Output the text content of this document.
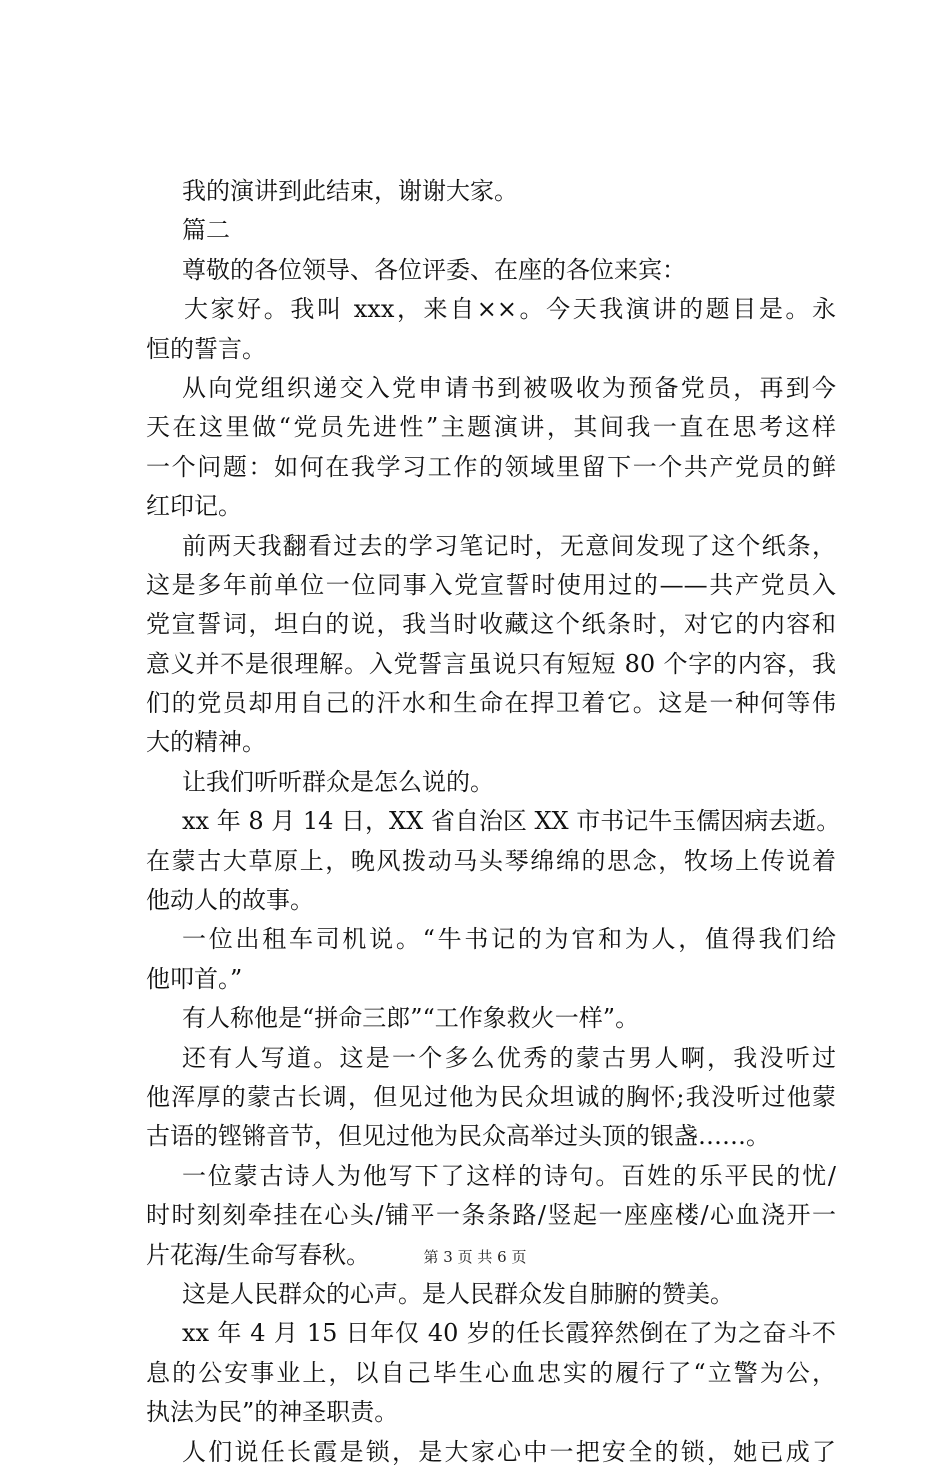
我的演讲到此结束，谢谢大家。
篇二
尊敬的各位领导、各位评委、在座的各位来宾：
大家好。我叫 xxx，来自××。今天我演讲的题目是。永
恒的誓言。
从向党组织递交入党申请书到被吸收为预备党员，再到今
天在这里做“党员先进性”主题演讲，其间我一直在思考这样
一个问题：如何在我学习工作的领域里留下一个共产党员的鲜
红印记。
前两天我翻看过去的学习笔记时，无意间发现了这个纸条，
这是多年前单位一位同事入党宣誓时使用过的——共产党员入
党宣誓词，坦白的说，我当时收藏这个纸条时，对它的内容和
意义并不是很理解。入党誓言虽说只有短短 80 个字的内容，我
们的党员却用自己的汗水和生命在捍卫着它。这是一种何等伟
大的精神。
让我们听听群众是怎么说的。
xx 年 8 月 14 日，XX 省自治区 XX 市书记牛玉儒因病去逝。
在蒙古大草原上，晚风拨动马头琴绵绵的思念，牧场上传说着
他动人的故事。
一位出租车司机说。“牛书记的为官和为人，值得我们给
他叩首。”
有人称他是“拼命三郎”“工作象救火一样”。
还有人写道。这是一个多么优秀的蒙古男人啊，我没听过
他浑厚的蒙古长调，但见过他为民众坦诚的胸怀;我没听过他蒙
古语的铿锵音节，但见过他为民众高举过头顶的银盏……。
一位蒙古诗人为他写下了这样的诗句。百姓的乐平民的忧/
时时刻刻牵挂在心头/铺平一条条路/竖起一座座楼/心血浇开一
片花海/生命写春秋。
这是人民群众的心声。是人民群众发自肺腑的赞美。
xx 年 4 月 15 日年仅 40 岁的任长霞猝然倒在了为之奋斗不
息的公安事业上，以自己毕生心血忠实的履行了“立警为公，
执法为民”的神圣职责。
人们说任长霞是锁，是大家心中一把安全的锁，她已成了
第 3 页 共 6 页
